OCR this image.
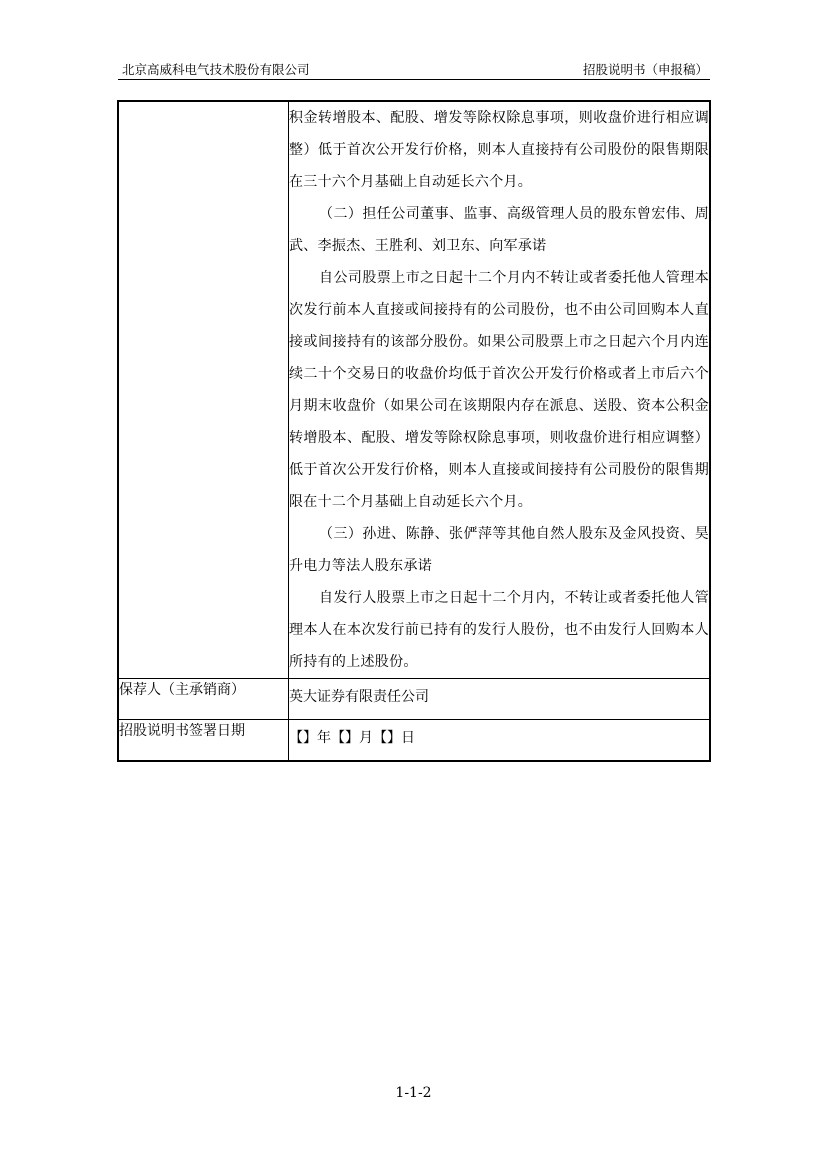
北京高威科电气技术股份有限公司	招股说明书（申报稿）

	积金转增股本、配股、增发等除权除息事项，则收盘价进行相应调整）低于首次公开发行价格，则本人直接持有公司股份的限售期限在三十六个月基础上自动延长六个月。

（二）担任公司董事、监事、高级管理人员的股东曾宏伟、周武、李振杰、王胜利、刘卫东、向军承诺

自公司股票上市之日起十二个月内不转让或者委托他人管理本次发行前本人直接或间接持有的公司股份，也不由公司回购本人直接或间接持有的该部分股份。如果公司股票上市之日起六个月内连续二十个交易日的收盘价均低于首次公开发行价格或者上市后六个月期末收盘价（如果公司在该期限内存在派息、送股、资本公积金转增股本、配股、增发等除权除息事项，则收盘价进行相应调整）低于首次公开发行价格，则本人直接或间接持有公司股份的限售期限在十二个月基础上自动延长六个月。

（三）孙进、陈静、张俨萍等其他自然人股东及金风投资、昊升电力等法人股东承诺

自发行人股票上市之日起十二个月内，不转让或者委托他人管理本人在本次发行前已持有的发行人股份，也不由发行人回购本人所持有的上述股份。

保荐人（主承销商）	英大证券有限责任公司
招股说明书签署日期	【】年【】月【】日
1-1-2
